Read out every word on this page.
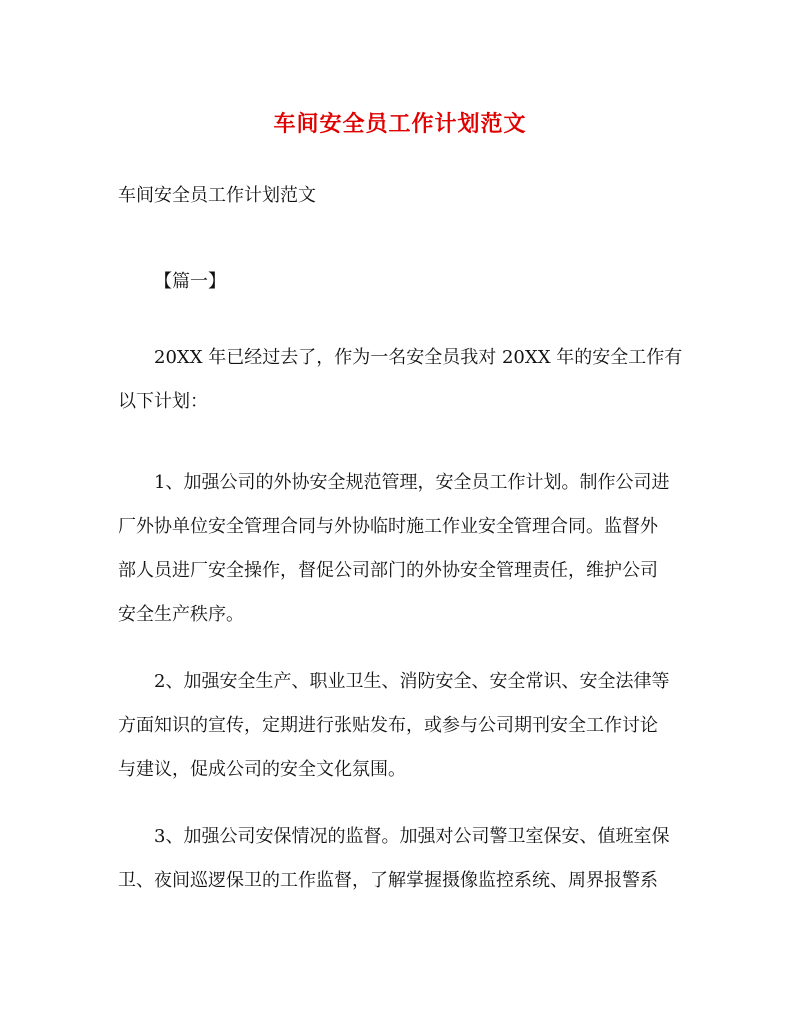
车间安全员工作计划范文
车间安全员工作计划范文
【篇一】
20XX 年已经过去了，作为一名安全员我对 20XX 年的安全工作有
以下计划：
1、加强公司的外协安全规范管理，安全员工作计划。制作公司进
厂外协单位安全管理合同与外协临时施工作业安全管理合同。监督外
部人员进厂安全操作，督促公司部门的外协安全管理责任，维护公司
安全生产秩序。
2、加强安全生产、职业卫生、消防安全、安全常识、安全法律等
方面知识的宣传，定期进行张贴发布，或参与公司期刊安全工作讨论
与建议，促成公司的安全文化氛围。
3、加强公司安保情况的监督。加强对公司警卫室保安、值班室保
卫、夜间巡逻保卫的工作监督，了解掌握摄像监控系统、周界报警系
